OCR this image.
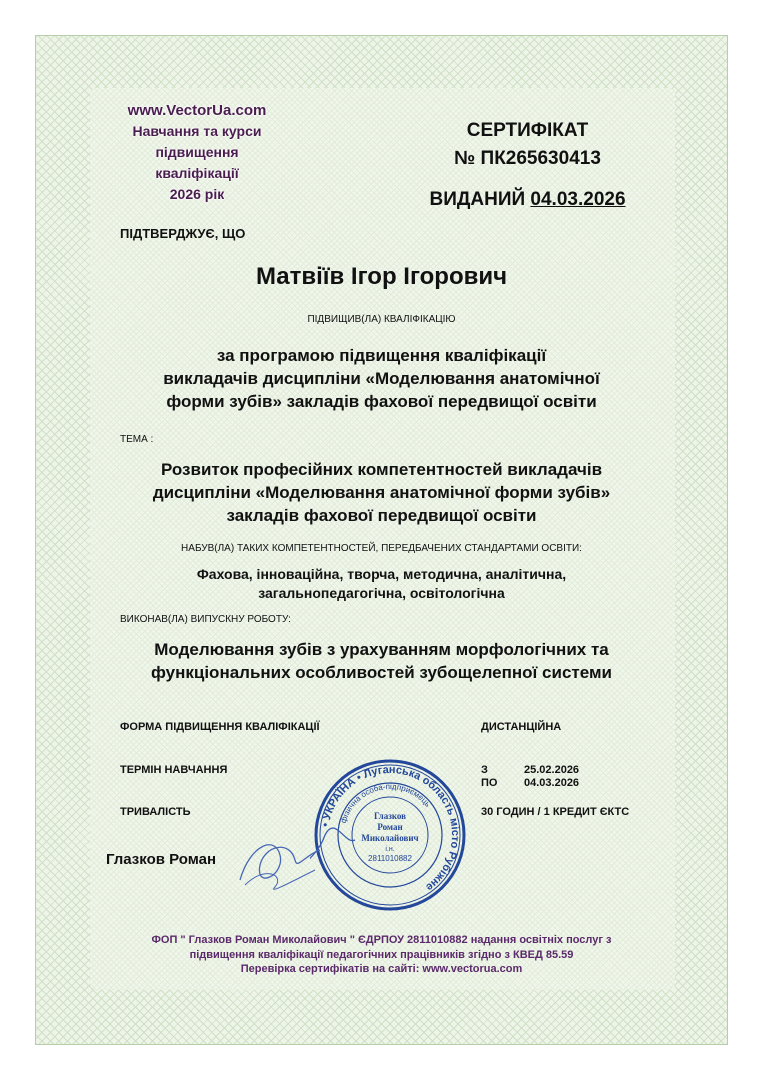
www.VectorUa.com
Навчання та курси
підвищення
кваліфікації
2026 рік
СЕРТИФІКАТ
№ ПК265630413
ВИДАНИЙ 04.03.2026
ПІДТВЕРДЖУЄ, ЩО
Матвіїв Ігор Ігорович
ПІДВИЩИВ(ЛА) КВАЛІФІКАЦІЮ
за програмою підвищення кваліфікації
викладачів дисципліни «Моделювання анатомічної
форми зубів» закладів фахової передвищої освіти
ТЕМА :
Розвиток професійних компетентностей викладачів
дисципліни «Моделювання анатомічної форми зубів»
закладів фахової передвищої освіти
НАБУВ(ЛА) ТАКИХ КОМПЕТЕНТНОСТЕЙ, ПЕРЕДБАЧЕНИХ СТАНДАРТАМИ ОСВІТИ:
Фахова, інноваційна, творча, методична, аналітична,
загальнопедагогічна, освітологічна
ВИКОНАВ(ЛА) ВИПУСКНУ РОБОТУ:
Моделювання зубів з урахуванням морфологічних та
функціональних особливостей зубощелепної системи
ФОРМА ПІДВИЩЕННЯ КВАЛІФІКАЦІЇ	ДИСТАНЦІЙНА
ТЕРМІН НАВЧАННЯ	З	25.02.2026
ПО 04.03.2026
ТРИВАЛІСТЬ	30 ГОДИН / 1 КРЕДИТ ЄКТС
Глазков Роман
• УКРАЇНА • Луганська область місто Рубіжне
фізична особа-підприємець
Глазков
Роман
Миколайович
і.н.
2811010882
ФОП " Глазков Роман Миколайович " ЄДРПОУ 2811010882 надання освітніх послуг з
підвищення кваліфікації педагогічних працівників згідно з КВЕД 85.59
Перевірка сертифікатів на сайті: www.vectorua.com
